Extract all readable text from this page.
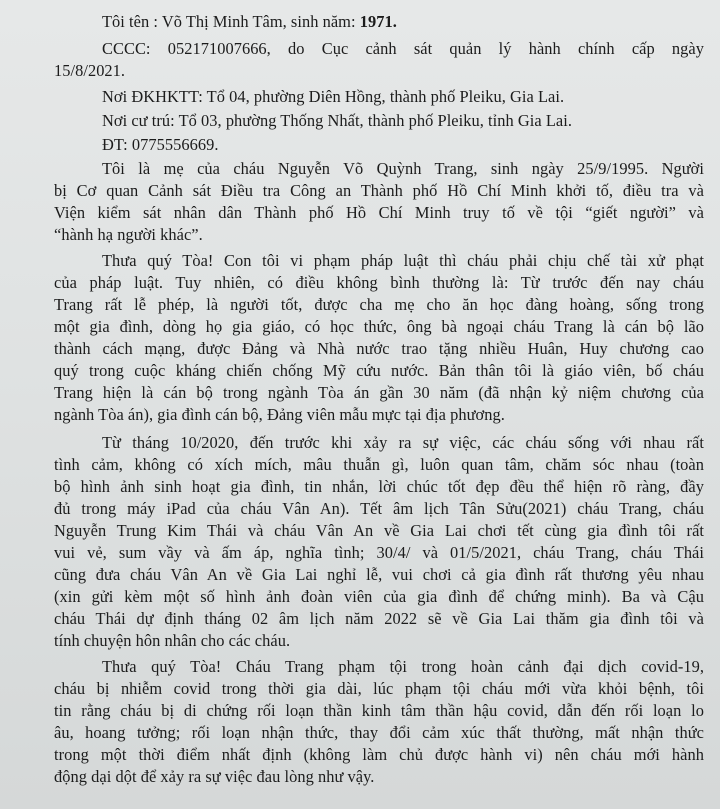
Tôi tên : Võ Thị Minh Tâm, sinh năm: 1971.
CCCC: 052171007666, do Cục cảnh sát quản lý hành chính cấp ngày
15/8/2021.
Nơi ĐKHKTT: Tổ 04, phường Diên Hồng, thành phố Pleiku, Gia Lai.
Nơi cư trú: Tổ 03, phường Thống Nhất, thành phố Pleiku, tỉnh Gia Lai.
ĐT: 0775556669.
Tôi là mẹ của cháu Nguyễn Võ Quỳnh Trang, sinh ngày 25/9/1995. Người
bị Cơ quan Cảnh sát Điều tra Công an Thành phố Hồ Chí Minh khởi tố, điều tra và
Viện kiểm sát nhân dân Thành phố Hồ Chí Minh truy tố về tội “giết người” và
“hành hạ người khác”.
Thưa quý Tòa! Con tôi vi phạm pháp luật thì cháu phải chịu chế tài xử phạt
của pháp luật. Tuy nhiên, có điều không bình thường là: Từ trước đến nay cháu
Trang rất lễ phép, là người tốt, được cha mẹ cho ăn học đàng hoàng, sống trong
một gia đình, dòng họ gia giáo, có học thức, ông bà ngoại cháu Trang là cán bộ lão
thành cách mạng, được Đảng và Nhà nước trao tặng nhiều Huân, Huy chương cao
quý trong cuộc kháng chiến chống Mỹ cứu nước. Bản thân tôi là giáo viên, bố cháu
Trang hiện là cán bộ trong ngành Tòa án gần 30 năm (đã nhận kỷ niệm chương của
ngành Tòa án), gia đình cán bộ, Đảng viên mẫu mực tại địa phương.
Từ tháng 10/2020, đến trước khi xảy ra sự việc, các cháu sống với nhau rất
tình cảm, không có xích mích, mâu thuẫn gì, luôn quan tâm, chăm sóc nhau (toàn
bộ hình ảnh sinh hoạt gia đình, tin nhắn, lời chúc tốt đẹp đều thể hiện rõ ràng, đầy
đủ trong máy iPad của cháu Vân An). Tết âm lịch Tân Sửu(2021) cháu Trang, cháu
Nguyễn Trung Kim Thái và cháu Vân An về Gia Lai chơi tết cùng gia đình tôi rất
vui vẻ, sum vầy và ấm áp, nghĩa tình; 30/4/ và 01/5/2021, cháu Trang, cháu Thái
cũng đưa cháu Vân An về Gia Lai nghỉ lễ, vui chơi cả gia đình rất thương yêu nhau
(xin gửi kèm một số hình ảnh đoàn viên của gia đình để chứng minh). Ba và Cậu
cháu Thái dự định tháng 02 âm lịch năm 2022 sẽ về Gia Lai thăm gia đình tôi và
tính chuyện hôn nhân cho các cháu.
Thưa quý Tòa! Cháu Trang phạm tội trong hoàn cảnh đại dịch covid-19,
cháu bị nhiễm covid trong thời gia dài, lúc phạm tội cháu mới vừa khỏi bệnh, tôi
tin rằng cháu bị di chứng rối loạn thần kinh tâm thần hậu covid, dẫn đến rối loạn lo
âu, hoang tưởng; rối loạn nhận thức, thay đổi cảm xúc thất thường, mất nhận thức
trong một thời điểm nhất định (không làm chủ được hành vi) nên cháu mới hành
động dại dột để xảy ra sự việc đau lòng như vậy.
